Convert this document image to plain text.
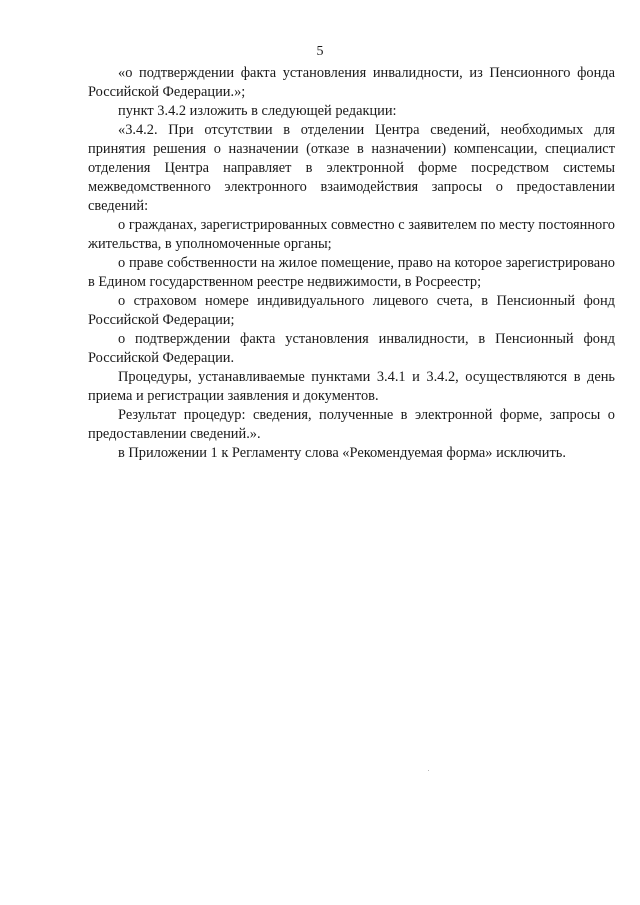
5

«о подтверждении факта установления инвалидности, из Пенсионного фонда Российской Федерации.»;

пункт 3.4.2 изложить в следующей редакции:

«3.4.2. При отсутствии в отделении Центра сведений, необходимых для принятия решения о назначении (отказе в назначении) компенсации, специалист отделения Центра направляет в электронной форме посредством системы межведомственного электронного взаимодействия запросы о предоставлении сведений:

о гражданах, зарегистрированных совместно с заявителем по месту постоянного жительства, в уполномоченные органы;

о праве собственности на жилое помещение, право на которое зарегистрировано в Едином государственном реестре недвижимости, в Росреестр;

о страховом номере индивидуального лицевого счета, в Пенсионный фонд Российской Федерации;

о подтверждении факта установления инвалидности, в Пенсионный фонд Российской Федерации.

Процедуры, устанавливаемые пунктами 3.4.1 и 3.4.2, осуществляются в день приема и регистрации заявления и документов.

Результат процедур: сведения, полученные в электронной форме, запросы о предоставлении сведений.».

в Приложении 1 к Регламенту слова «Рекомендуемая форма» исключить.
